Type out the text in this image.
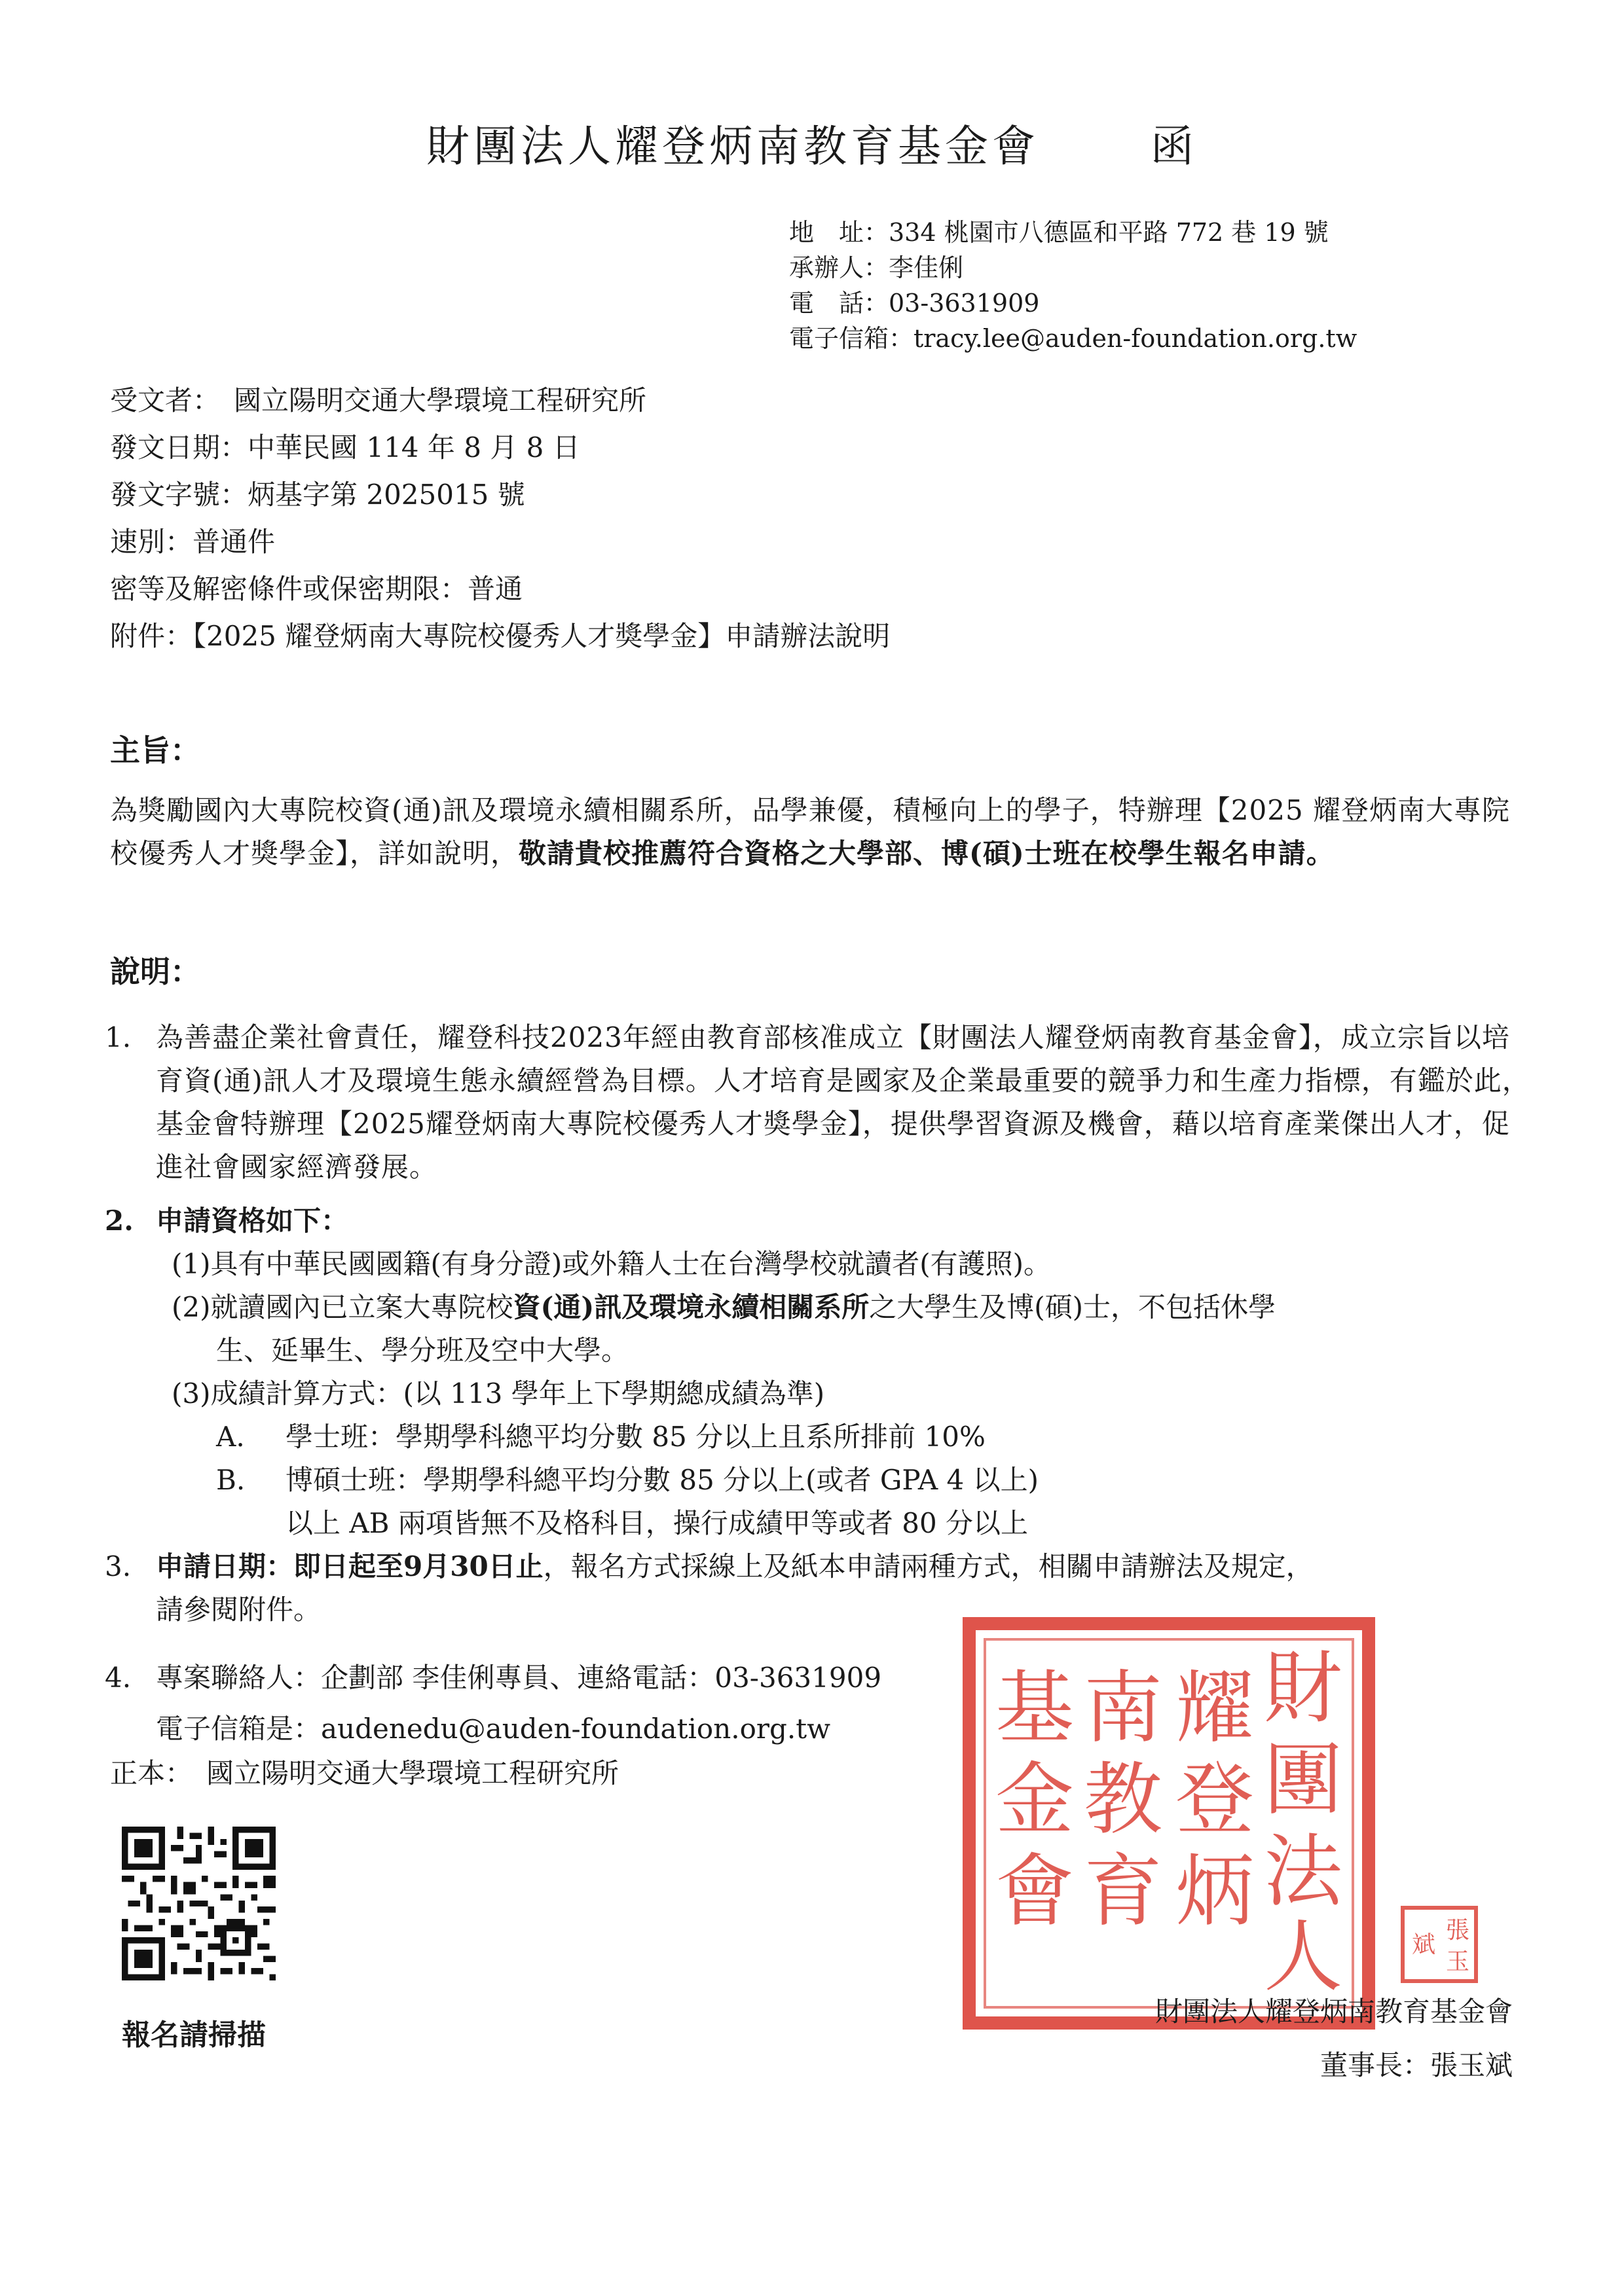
財團法人耀登炳南教育基金會	函
地　址：334 桃園市八德區和平路 772 巷 19 號
承辦人：李佳俐
電　話：03-3631909
電子信箱：tracy.lee@auden-foundation.org.tw
受文者：　國立陽明交通大學環境工程研究所
發文日期：中華民國 114 年 8 月 8 日
發文字號：炳基字第 2025015 號
速別：普通件
密等及解密條件或保密期限：普通
附件：【2025 耀登炳南大專院校優秀人才獎學金】申請辦法說明
主旨：
為獎勵國內大專院校資(通)訊及環境永續相關系所，品學兼優，積極向上的學子，特辦理【2025 耀登炳南大專院校優秀人才獎學金】，詳如說明，敬請貴校推薦符合資格之大學部、博(碩)士班在校學生報名申請。
說明：
1. 為善盡企業社會責任，耀登科技2023年經由教育部核准成立【財團法人耀登炳南教育基金會】，成立宗旨以培育資(通)訊人才及環境生態永續經營為目標。人才培育是國家及企業最重要的競爭力和生產力指標，有鑑於此，基金會特辦理【2025耀登炳南大專院校優秀人才獎學金】，提供學習資源及機會，藉以培育產業傑出人才，促進社會國家經濟發展。
2. 申請資格如下：
(1)具有中華民國國籍(有身分證)或外籍人士在台灣學校就讀者(有護照)。
(2)就讀國內已立案大專院校資(通)訊及環境永續相關系所之大學生及博(碩)士，不包括休學
生、延畢生、學分班及空中大學。
(3)成績計算方式：(以 113 學年上下學期總成績為準)
A. 學士班：學期學科總平均分數 85 分以上且系所排前 10%
B. 博碩士班：學期學科總平均分數 85 分以上(或者 GPA 4 以上)
以上 AB 兩項皆無不及格科目，操行成績甲等或者 80 分以上
3. 申請日期：即日起至9月30日止，報名方式採線上及紙本申請兩種方式，相關申請辦法及規定，
請參閱附件。
4. 專案聯絡人：企劃部 李佳俐專員、連絡電話：03-3631909
電子信箱是：audenedu@auden-foundation.org.tw
正本：　國立陽明交通大學環境工程研究所
報名請掃描
財
團
法
人
耀
登
炳
南
教
育
基
金
會	張
玉
斌
財團法人耀登炳南教育基金會
董事長：張玉斌
